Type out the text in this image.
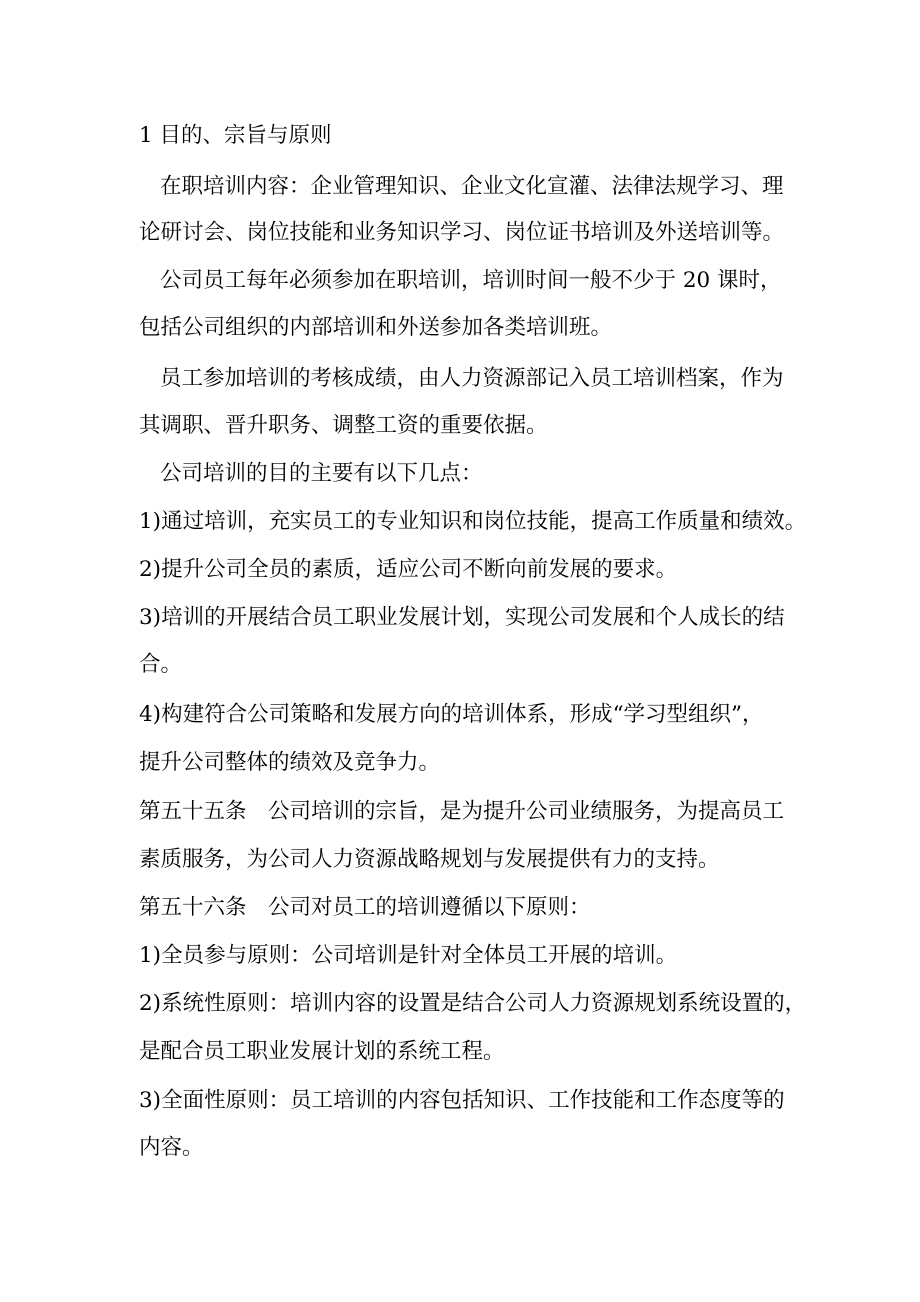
1 目的、宗旨与原则
在职培训内容：企业管理知识、企业文化宣灌、法律法规学习、理
论研讨会、岗位技能和业务知识学习、岗位证书培训及外送培训等。
公司员工每年必须参加在职培训，培训时间一般不少于 20 课时，
包括公司组织的内部培训和外送参加各类培训班。
员工参加培训的考核成绩，由人力资源部记入员工培训档案，作为
其调职、晋升职务、调整工资的重要依据。
公司培训的目的主要有以下几点：
1)通过培训，充实员工的专业知识和岗位技能，提高工作质量和绩效。
2)提升公司全员的素质，适应公司不断向前发展的要求。
3)培训的开展结合员工职业发展计划，实现公司发展和个人成长的结
合。
4)构建符合公司策略和发展方向的培训体系，形成“学习型组织”，
提升公司整体的绩效及竞争力。
第五十五条　公司培训的宗旨，是为提升公司业绩服务，为提高员工
素质服务，为公司人力资源战略规划与发展提供有力的支持。
第五十六条　公司对员工的培训遵循以下原则：
1)全员参与原则：公司培训是针对全体员工开展的培训。
2)系统性原则：培训内容的设置是结合公司人力资源规划系统设置的，
是配合员工职业发展计划的系统工程。
3)全面性原则：员工培训的内容包括知识、工作技能和工作态度等的
内容。
